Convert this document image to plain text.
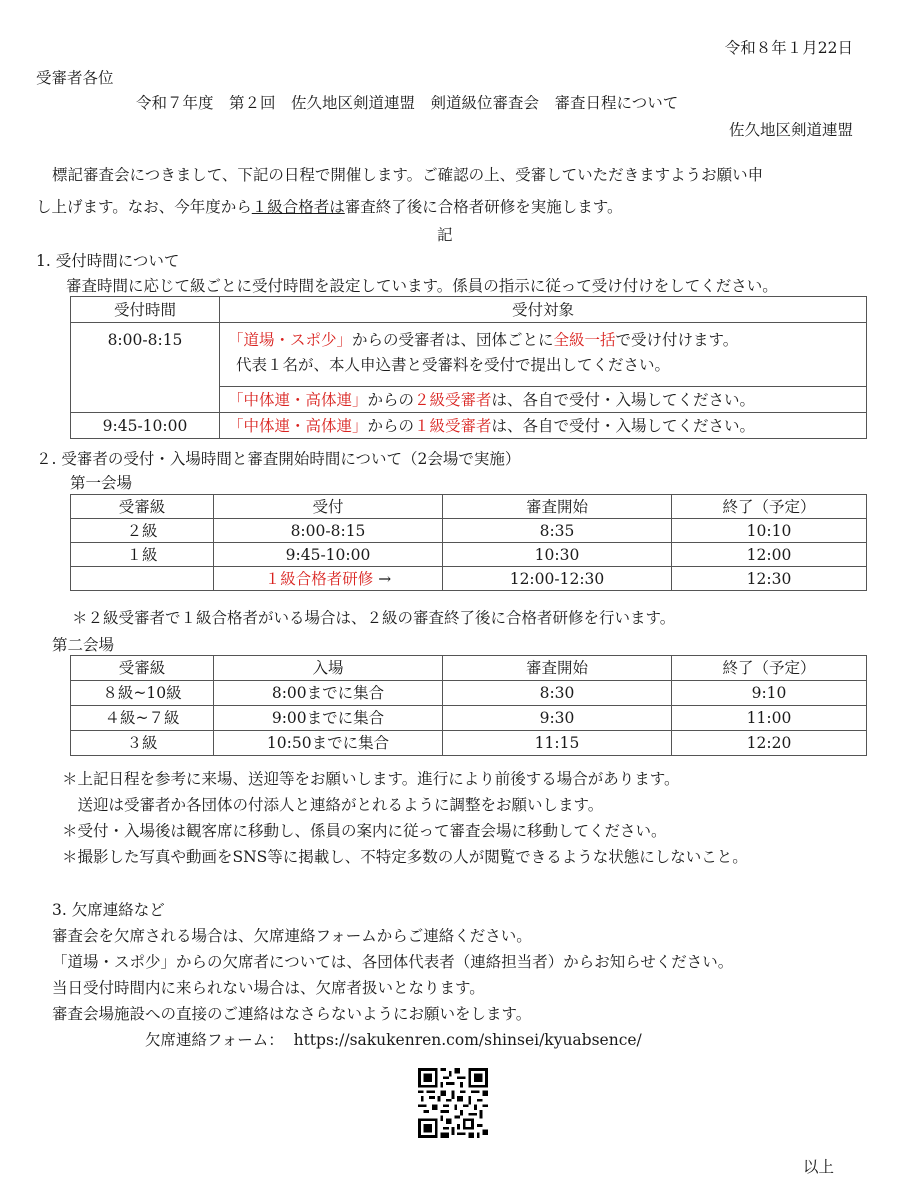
令和８年１月22日
受審者各位
令和７年度　第２回　佐久地区剣道連盟　剣道級位審査会　審査日程について
佐久地区剣道連盟
標記審査会につきまして、下記の日程で開催します。ご確認の上、受審していただきますようお願い申
し上げます。なお、今年度から１級合格者は審査終了後に合格者研修を実施します。
記
1. 受付時間について
審査時間に応じて級ごとに受付時間を設定しています。係員の指示に従って受け付けをしてください。
受付時間	受付対象
8:00-8:15	「道場・スポ少」からの受審者は、団体ごとに全級一括で受け付けます。
代表１名が、本人申込書と受審料を受付で提出してください。

	「中体連・高体連」からの２級受審者は、各自で受付・入場してください。
9:45-10:00	「中体連・高体連」からの１級受審者は、各自で受付・入場してください。
２. 受審者の受付・入場時間と審査開始時間について（2会場で実施）
第一会場
受審級	受付	審査開始	終了（予定）
２級	8:00-8:15	8:35	10:10
１級	9:45-10:00	10:30	12:00
	１級合格者研修 →	12:00-12:30	12:30
＊２級受審者で１級合格者がいる場合は、２級の審査終了後に合格者研修を行います。
第二会場
受審級	入場	審査開始	終了（予定）
８級~10級	8:00までに集合	8:30	9:10
４級~７級	9:00までに集合	9:30	11:00
３級	10:50までに集合	11:15	12:20
＊上記日程を参考に来場、送迎等をお願いします。進行により前後する場合があります。
　送迎は受審者か各団体の付添人と連絡がとれるように調整をお願いします。
＊受付・入場後は観客席に移動し、係員の案内に従って審査会場に移動してください。
＊撮影した写真や動画をSNS等に掲載し、不特定多数の人が閲覧できるような状態にしないこと。
3. 欠席連絡など
審査会を欠席される場合は、欠席連絡フォームからご連絡ください。
「道場・スポ少」からの欠席者については、各団体代表者（連絡担当者）からお知らせください。
当日受付時間内に来られない場合は、欠席者扱いとなります。
審査会場施設への直接のご連絡はなさらないようにお願いをします。
欠席連絡フォーム： https://sakukenren.com/shinsei/kyuabsence/
以上
